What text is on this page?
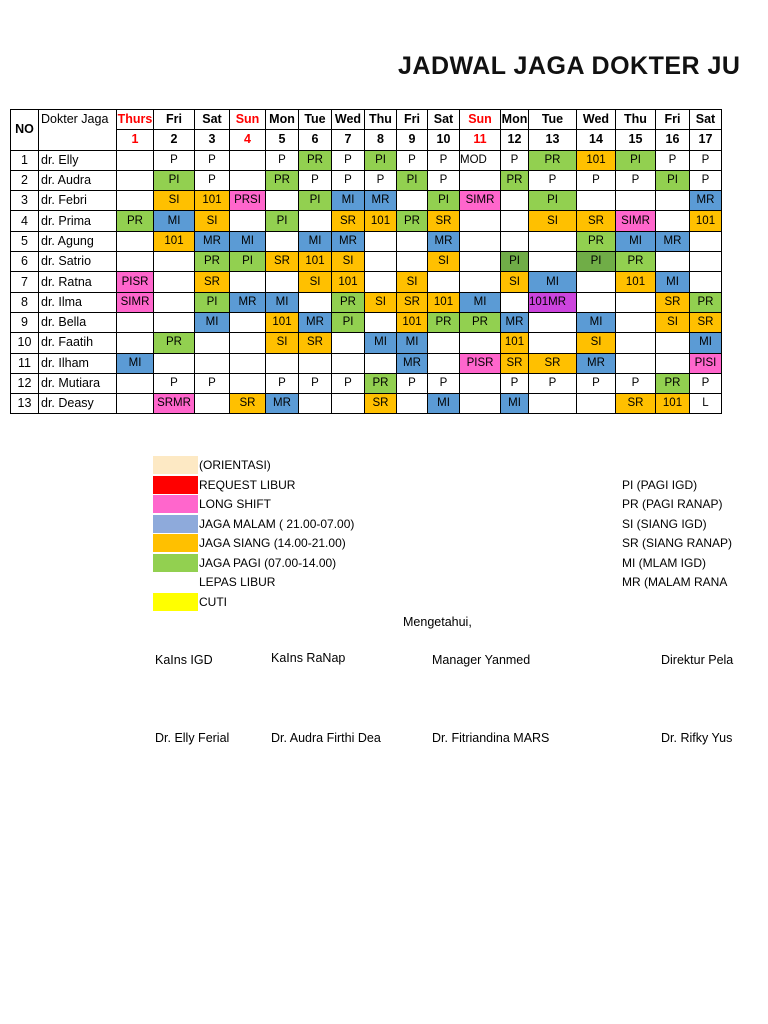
JADWAL JAGA DOKTER JU
NO	Dokter Jaga	Thurs	Fri	Sat	Sun	Mon	Tue	Wed	Thu	Fri	Sat	Sun	Mon	Tue	Wed	Thu	Fri	Sat
		1	2	3	4	5	6	7	8	9	10	11	12	13	14	15	16	17
1	dr. Elly		P	P		P	PR	P	PI	P	P	MOD	P	PR	101	PI	P	P
2	dr. Audra		PI	P		PR	P	P	P	PI	P		PR	P	P	P	PI	P
3	dr. Febri		SI	101	PRSI		PI	MI	MR		PI	SIMR		PI				MR
4	dr. Prima	PR	MI	SI		PI		SR	101	PR	SR			SI	SR	SIMR		101
5	dr. Agung		101	MR	MI		MI	MR			MR				PR	MI	MR	
6	dr. Satrio			PR	PI	SR	101	SI			SI		PI		PI	PR		
7	dr. Ratna	PISR		SR			SI	101		SI			SI	MI		101	MI	
8	dr. Ilma	SIMR		PI	MR	MI		PR	SI	SR	101	MI		101MR			SR	PR
9	dr. Bella			MI		101	MR	PI		101	PR	PR	MR		MI		SI	SR
10	dr. Faatih		PR			SI	SR		MI	MI			101		SI			MI
11	dr. Ilham	MI								MR		PISR	SR	SR	MR			PISI
12	dr. Mutiara		P	P		P	P	P	PR	P	P		P	P	P	P	PR	P
13	dr. Deasy		SRMR		SR	MR			SR		MI		MI			SR	101	L
(ORIENTASI)
REQUEST LIBUR
LONG SHIFT
JAGA MALAM ( 21.00-07.00)
JAGA SIANG (14.00-21.00)
JAGA PAGI (07.00-14.00)
LEPAS LIBUR
CUTI
PI (PAGI IGD)
PR (PAGI RANAP)
SI (SIANG IGD)
SR (SIANG RANAP)
MI (MLAM IGD)
MR (MALAM RANA
Mengetahui,
KaIns IGD	KaIns RaNap	Manager Yanmed	Direktur Pela
Dr. Elly Ferial	Dr. Audra Firthi Dea	Dr. Fitriandina MARS	Dr. Rifky Yus
